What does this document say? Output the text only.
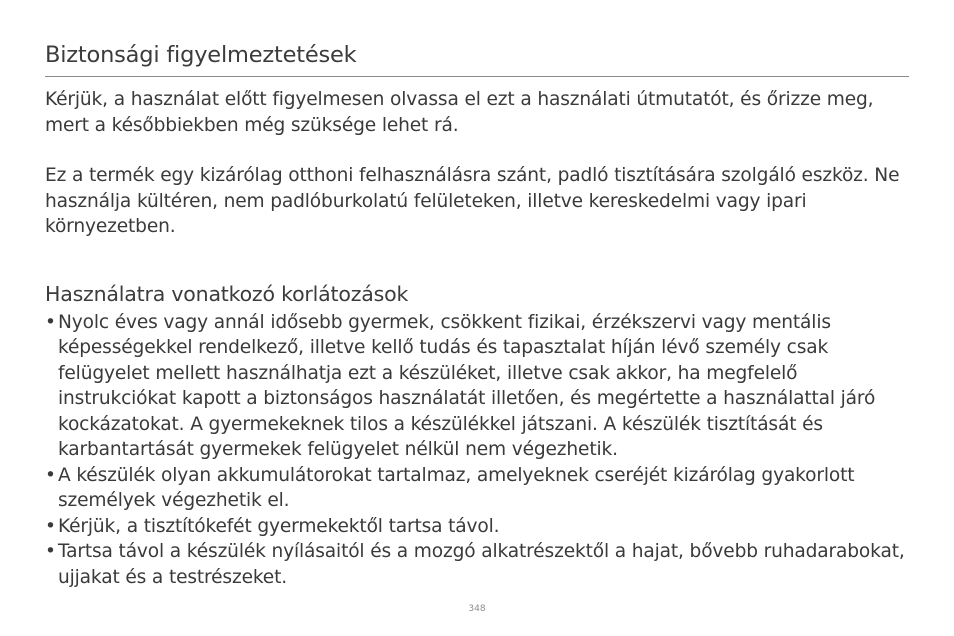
Biztonsági figyelmeztetések

Kérjük, a használat előtt figyelmesen olvassa el ezt a használati útmutatót, és őrizze meg, mert a későbbiekben még szüksége lehet rá.

Ez a termék egy kizárólag otthoni felhasználásra szánt, padló tisztítására szolgáló eszköz. Ne használja kültéren, nem padlóburkolatú felületeken, illetve kereskedelmi vagy ipari környezetben.

Használatra vonatkozó korlátozások
• Nyolc éves vagy annál idősebb gyermek, csökkent fizikai, érzékszervi vagy mentális képességekkel rendelkező, illetve kellő tudás és tapasztalat híján lévő személy csak felügyelet mellett használhatja ezt a készüléket, illetve csak akkor, ha megfelelő instrukciókat kapott a biztonságos használatát illetően, és megértette a használattal járó kockázatokat. A gyermekeknek tilos a készülékkel játszani. A készülék tisztítását és karbantartását gyermekek felügyelet nélkül nem végezhetik.
• A készülék olyan akkumulátorokat tartalmaz, amelyeknek cseréjét kizárólag gyakorlott személyek végezhetik el.
• Kérjük, a tisztítókefét gyermekektől tartsa távol.
• Tartsa távol a készülék nyílásaitól és a mozgó alkatrészektől a hajat, bővebb ruhadarabokat, ujjakat és a testrészeket.
348
